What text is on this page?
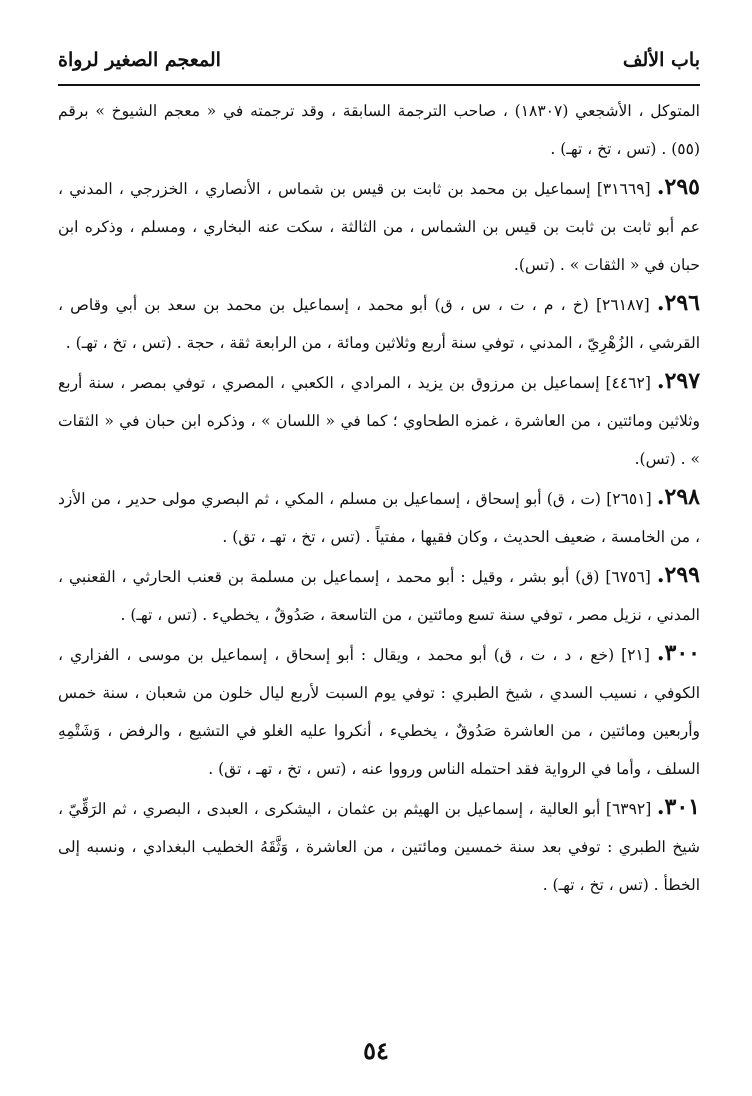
باب الألف
المعجم الصغير لرواة

المتوكل ، الأشجعي (١٨٣٠٧) ، صاحب الترجمة السابقة ، وقد ترجمته في « معجم الشيوخ » برقم (٥٥) . (تس ، تخ ، تهـ) .

٢٩٥. [٣١٦٦٩] إسماعيل بن محمد بن ثابت بن قيس بن شماس ، الأنصاري ، الخزرجي ، المدني ، عم أبو ثابت بن ثابت بن قيس بن الشماس ، من الثالثة ، سكت عنه البخاري ، ومسلم ، وذكره ابن حبان في « الثقات » . (تس).

٢٩٦. [٢٦١٨٧] (خ ، م ، ت ، س ، ق) أبو محمد ، إسماعيل بن محمد بن سعد بن أبي وقاص ، القرشي ، الزُهْرِيّ ، المدني ، توفي سنة أربع وثلاثين ومائة ، من الرابعة ثقة ، حجة . (تس ، تخ ، تهـ) .

٢٩٧. [٤٤٦٢] إسماعيل بن مرزوق بن يزيد ، المرادي ، الكعبي ، المصري ، توفي بمصر ، سنة أربع وثلاثين ومائتين ، من العاشرة ، غمزه الطحاوي ؛ كما في « اللسان » ، وذكره ابن حبان في « الثقات » . (تس).

٢٩٨. [٢٦٥١] (ت ، ق) أبو إسحاق ، إسماعيل بن مسلم ، المكي ، ثم البصري مولى حدير ، من الأزد ، من الخامسة ، ضعيف الحديث ، وكان فقيها ، مفتياً . (تس ، تخ ، تهـ ، تق) .

٢٩٩. [٦٧٥٦] (ق) أبو بشر ، وقيل : أبو محمد ، إسماعيل بن مسلمة بن قعنب الحارثي ، القعنبي ، المدني ، نزيل مصر ، توفي سنة تسع ومائتين ، من التاسعة ، صَدُوقٌ ، يخطيء . (تس ، تهـ) .

٣٠٠. [٢١] (خع ، د ، ت ، ق) أبو محمد ، ويقال : أبو إسحاق ، إسماعيل بن موسى ، الفزاري ، الكوفي ، نسيب السدي ، شيخ الطبري : توفي يوم السبت لأربع ليال خلون من شعبان ، سنة خمس وأربعين ومائتين ، من العاشرة صَدُوقٌ ، يخطيء ، أنكروا عليه الغلو في التشيع ، والرفض ، وَشَتْمِهِ السلف ، وأما في الرواية فقد احتمله الناس ورووا عنه ، (تس ، تخ ، تهـ ، تق) .

٣٠١. [٦٣٩٢] أبو العالية ، إسماعيل بن الهيثم بن عثمان ، اليشكرى ، العبدى ، البصري ، ثم الرَقِّيّ ، شيخ الطبري : توفي بعد سنة خمسين ومائتين ، من العاشرة ، وَثَّقَهُ الخطيب البغدادي ، ونسبه إلى الخطأ . (تس ، تخ ، تهـ) .

٥٤
